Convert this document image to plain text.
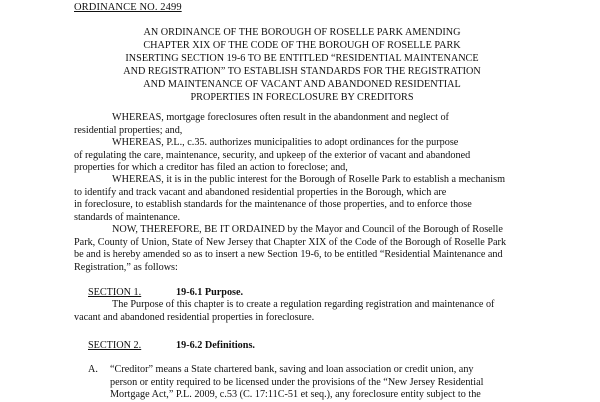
ORDINANCE NO. 2499

AN ORDINANCE OF THE BOROUGH OF ROSELLE PARK AMENDING
CHAPTER XIX OF THE CODE OF THE BOROUGH OF ROSELLE PARK
INSERTING SECTION 19-6 TO BE ENTITLED “RESIDENTIAL MAINTENANCE
AND REGISTRATION” TO ESTABLISH STANDARDS FOR THE REGISTRATION
AND MAINTENANCE OF VACANT AND ABANDONED RESIDENTIAL
PROPERTIES IN FORECLOSURE BY CREDITORS
WHEREAS, mortgage foreclosures often result in the abandonment and neglect of
residential properties; and,
WHEREAS, P.L., c.35. authorizes municipalities to adopt ordinances for the purpose
of regulating the care, maintenance, security, and upkeep of the exterior of vacant and abandoned
properties for which a creditor has filed an action to foreclose; and,
WHEREAS, it is in the public interest for the Borough of Roselle Park to establish a mechanism
to identify and track vacant and abandoned residential properties in the Borough, which are
in foreclosure, to establish standards for the maintenance of those properties, and to enforce those
standards of maintenance.
NOW, THEREFORE, BE IT ORDAINED by the Mayor and Council of the Borough of Roselle
Park, County of Union, State of New Jersey that Chapter XIX of the Code of the Borough of Roselle Park
be and is hereby amended so as to insert a new Section 19-6, to be entitled “Residential Maintenance and
Registration,” as follows:
SECTION 1.	19-6.1 Purpose.
The Purpose of this chapter is to create a regulation regarding registration and maintenance of
vacant and abandoned residential properties in foreclosure.
SECTION 2.	19-6.2 Definitions.
A. “Creditor” means a State chartered bank, saving and loan association or credit union, any
person or entity required to be licensed under the provisions of the “New Jersey Residential
Mortgage Act,” P.L. 2009, c.53 (C. 17:11C-51 et seq.), any foreclosure entity subject to the
